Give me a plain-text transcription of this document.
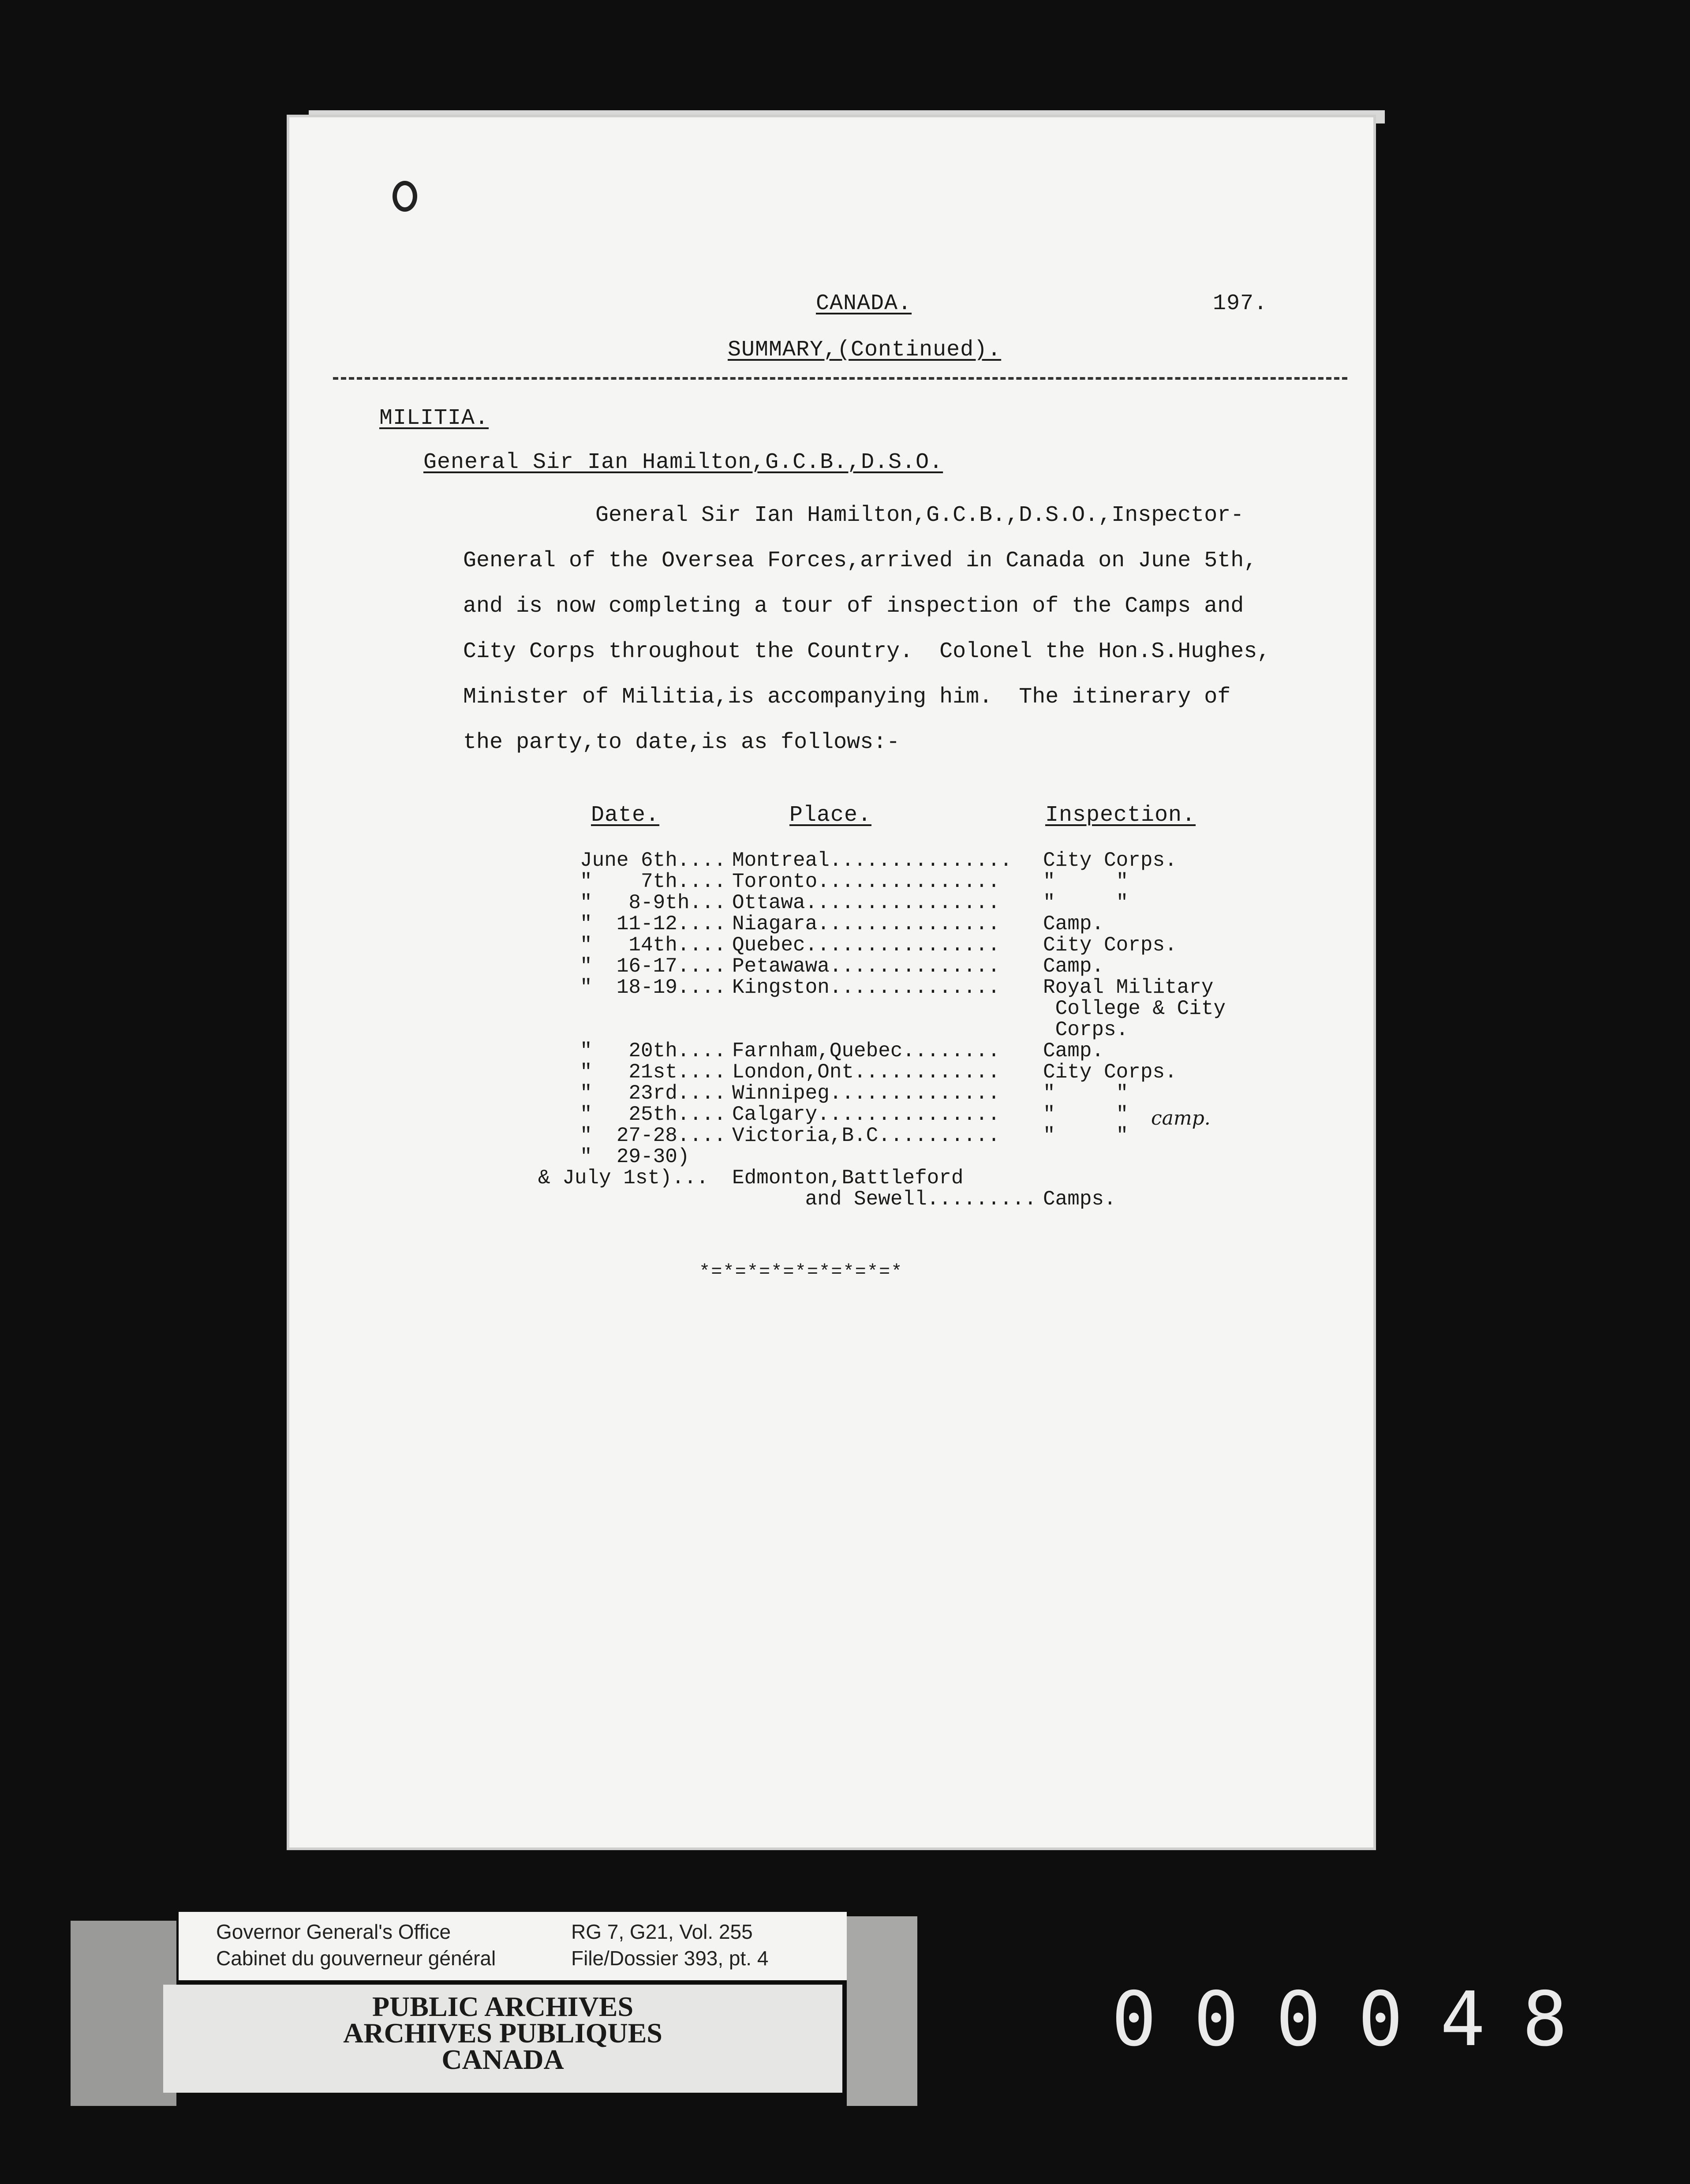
CANADA.	197.
SUMMARY,(Continued).
MILITIA.
General Sir Ian Hamilton,G.C.B.,D.S.O.
General Sir Ian Hamilton,G.C.B.,D.S.O.,Inspector-
General of the Oversea Forces,arrived in Canada on June 5th,
and is now completing a tour of inspection of the Camps and
City Corps throughout the Country.  Colonel the Hon.S.Hughes,
Minister of Militia,is accompanying him.  The itinerary of
the party,to date,is as follows:-
Date.	Place.	Inspection.
June 6th.... Montreal............... City Corps.
"    7th.... Toronto............... "     "
"   8-9th... Ottawa................ "     "
"  11-12.... Niagara............... Camp.
"   14th.... Quebec................ City Corps.
"  16-17.... Petawawa.............. Camp.
"  18-19.... Kingston.............. Royal Military
College & City
Corps.
"   20th.... Farnham,Quebec........ Camp.
"   21st.... London,Ont............ City Corps.
"   23rd.... Winnipeg.............. "     "
"   25th.... Calgary............... "     "
"  27-28.... Victoria,B.C.......... "     "
"  29-30)
& July 1st)... Edmonton,Battleford
and Sewell......... Camps.
camp.
*=*=*=*=*=*=*=*=*
Governor General's Office
Cabinet du gouverneur général
RG 7, G21, Vol. 255
File/Dossier 393, pt. 4
PUBLIC ARCHIVES
ARCHIVES PUBLIQUES
CANADA	000048
